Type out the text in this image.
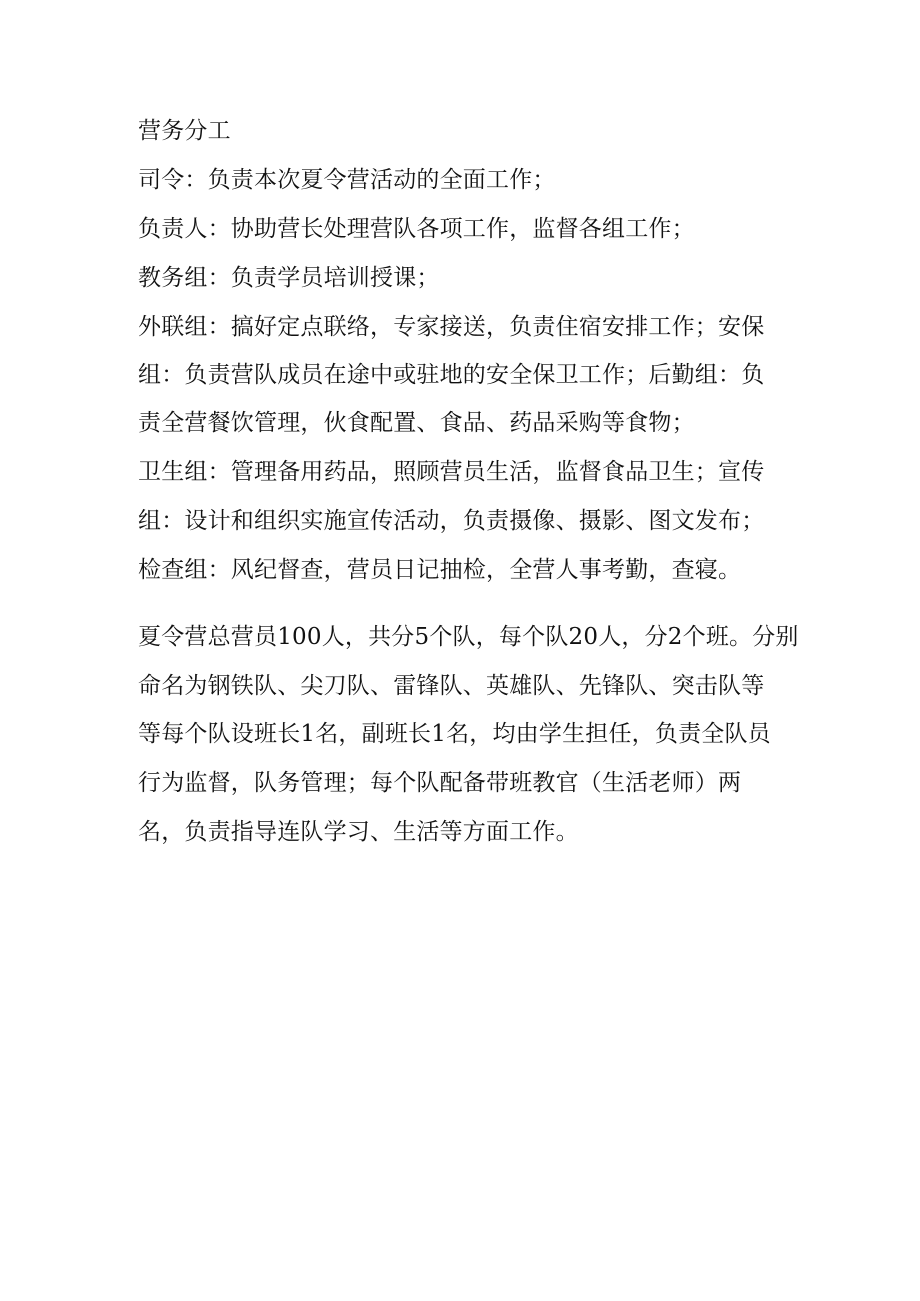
营务分工
司令：负责本次夏令营活动的全面工作；
负责人：协助营长处理营队各项工作，监督各组工作；
教务组：负责学员培训授课；
外联组：搞好定点联络，专家接送，负责住宿安排工作；安保
组：负责营队成员在途中或驻地的安全保卫工作；后勤组：负
责全营餐饮管理，伙食配置、食品、药品采购等食物；
卫生组：管理备用药品，照顾营员生活，监督食品卫生；宣传
组：设计和组织实施宣传活动，负责摄像、摄影、图文发布；
检查组：风纪督查，营员日记抽检，全营人事考勤，查寝。
夏令营总营员100人，共分5个队，每个队20人，分2个班。分别
命名为钢铁队、尖刀队、雷锋队、英雄队、先锋队、突击队等
等每个队设班长1名，副班长1名，均由学生担任，负责全队员
行为监督，队务管理；每个队配备带班教官（生活老师）两
名，负责指导连队学习、生活等方面工作。
